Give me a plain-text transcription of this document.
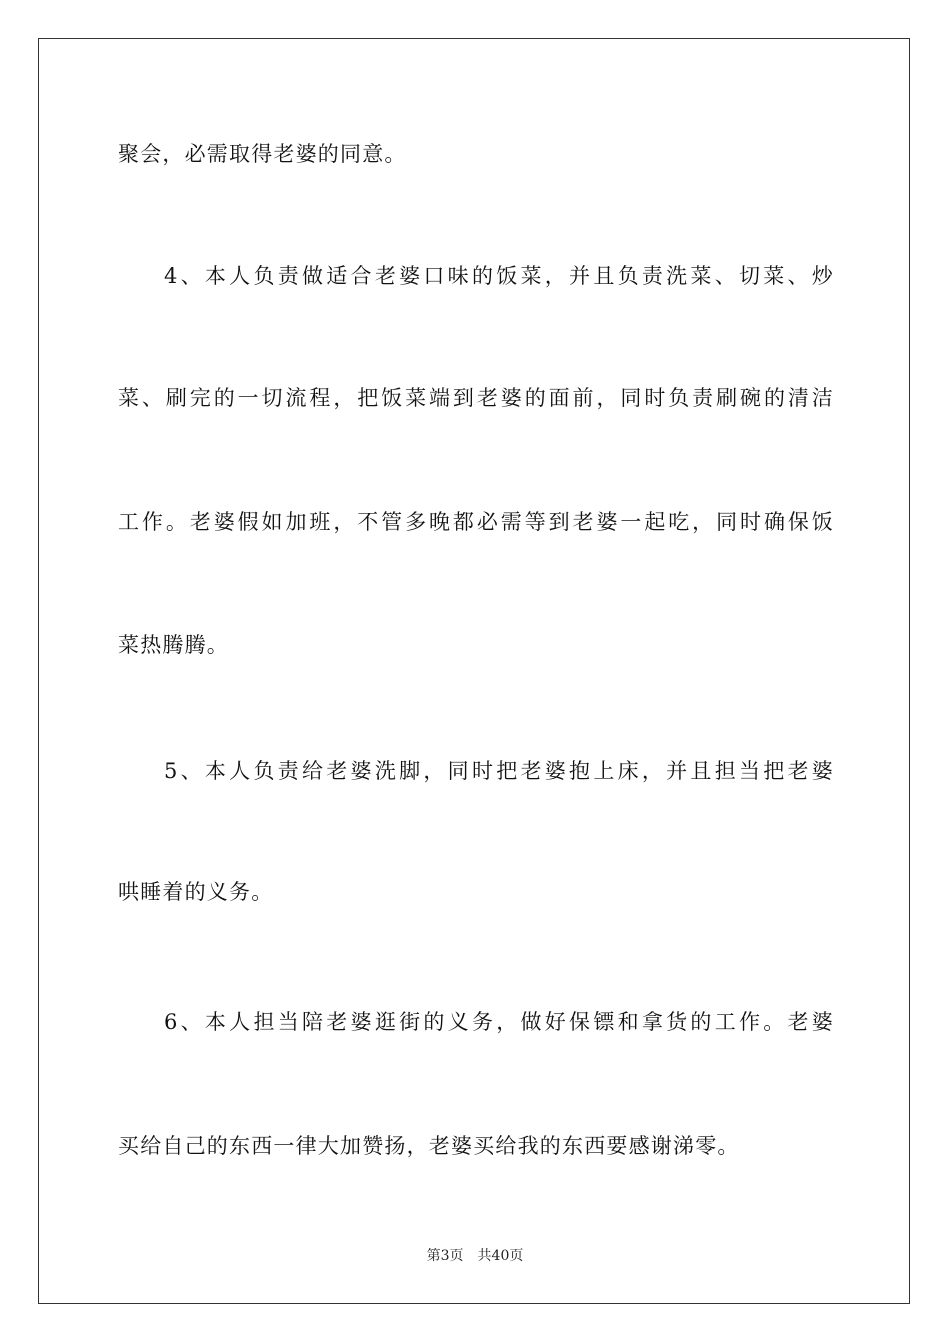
聚会，必需取得老婆的同意。
4、本人负责做适合老婆口味的饭菜，并且负责洗菜、切菜、炒
菜、刷完的一切流程，把饭菜端到老婆的面前，同时负责刷碗的清洁
工作。老婆假如加班，不管多晚都必需等到老婆一起吃，同时确保饭
菜热腾腾。
5、本人负责给老婆洗脚，同时把老婆抱上床，并且担当把老婆
哄睡着的义务。
6、本人担当陪老婆逛街的义务，做好保镖和拿货的工作。老婆
买给自己的东西一律大加赞扬，老婆买给我的东西要感谢涕零。
第3页　共40页
